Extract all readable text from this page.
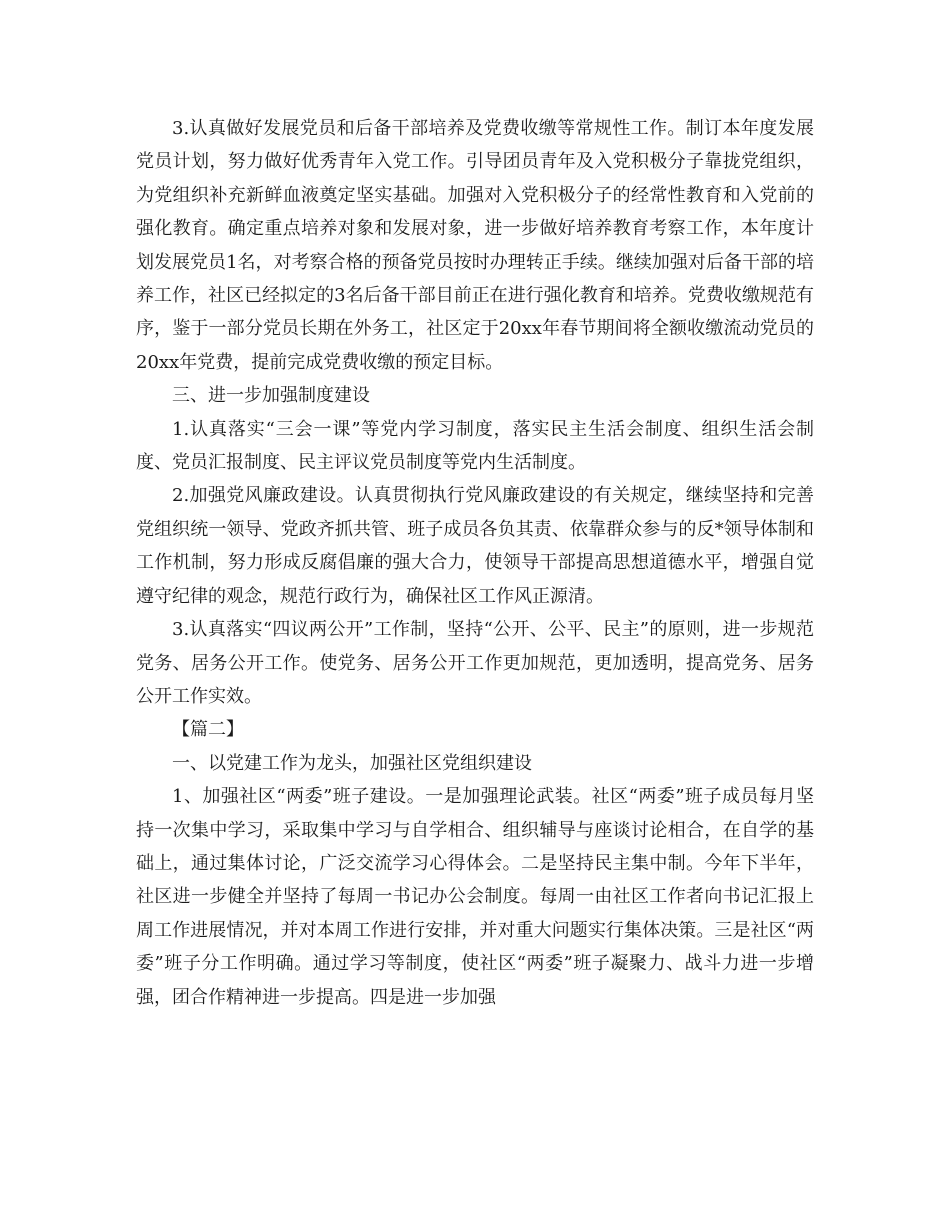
3.认真做好发展党员和后备干部培养及党费收缴等常规性工作。制订本年度发展党员计划，努力做好优秀青年入党工作。引导团员青年及入党积极分子靠拢党组织，为党组织补充新鲜血液奠定坚实基础。加强对入党积极分子的经常性教育和入党前的强化教育。确定重点培养对象和发展对象，进一步做好培养教育考察工作，本年度计划发展党员1名，对考察合格的预备党员按时办理转正手续。继续加强对后备干部的培养工作，社区已经拟定的3名后备干部目前正在进行强化教育和培养。党费收缴规范有序，鉴于一部分党员长期在外务工，社区定于20xx年春节期间将全额收缴流动党员的20xx年党费，提前完成党费收缴的预定目标。

三、进一步加强制度建设

1.认真落实“三会一课”等党内学习制度，落实民主生活会制度、组织生活会制度、党员汇报制度、民主评议党员制度等党内生活制度。

2.加强党风廉政建设。认真贯彻执行党风廉政建设的有关规定，继续坚持和完善党组织统一领导、党政齐抓共管、班子成员各负其责、依靠群众参与的反*领导体制和工作机制，努力形成反腐倡廉的强大合力，使领导干部提高思想道德水平，增强自觉遵守纪律的观念，规范行政行为，确保社区工作风正源清。

3.认真落实“四议两公开”工作制，坚持“公开、公平、民主”的原则，进一步规范党务、居务公开工作。使党务、居务公开工作更加规范，更加透明，提高党务、居务公开工作实效。

【篇二】

一、以党建工作为龙头，加强社区党组织建设

1、加强社区“两委”班子建设。一是加强理论武装。社区“两委”班子成员每月坚持一次集中学习，采取集中学习与自学相合、组织辅导与座谈讨论相合，在自学的基础上，通过集体讨论，广泛交流学习心得体会。二是坚持民主集中制。今年下半年，社区进一步健全并坚持了每周一书记办公会制度。每周一由社区工作者向书记汇报上周工作进展情况，并对本周工作进行安排，并对重大问题实行集体决策。三是社区“两委”班子分工作明确。通过学习等制度，使社区“两委”班子凝聚力、战斗力进一步增强，团合作精神进一步提高。四是进一步加强
